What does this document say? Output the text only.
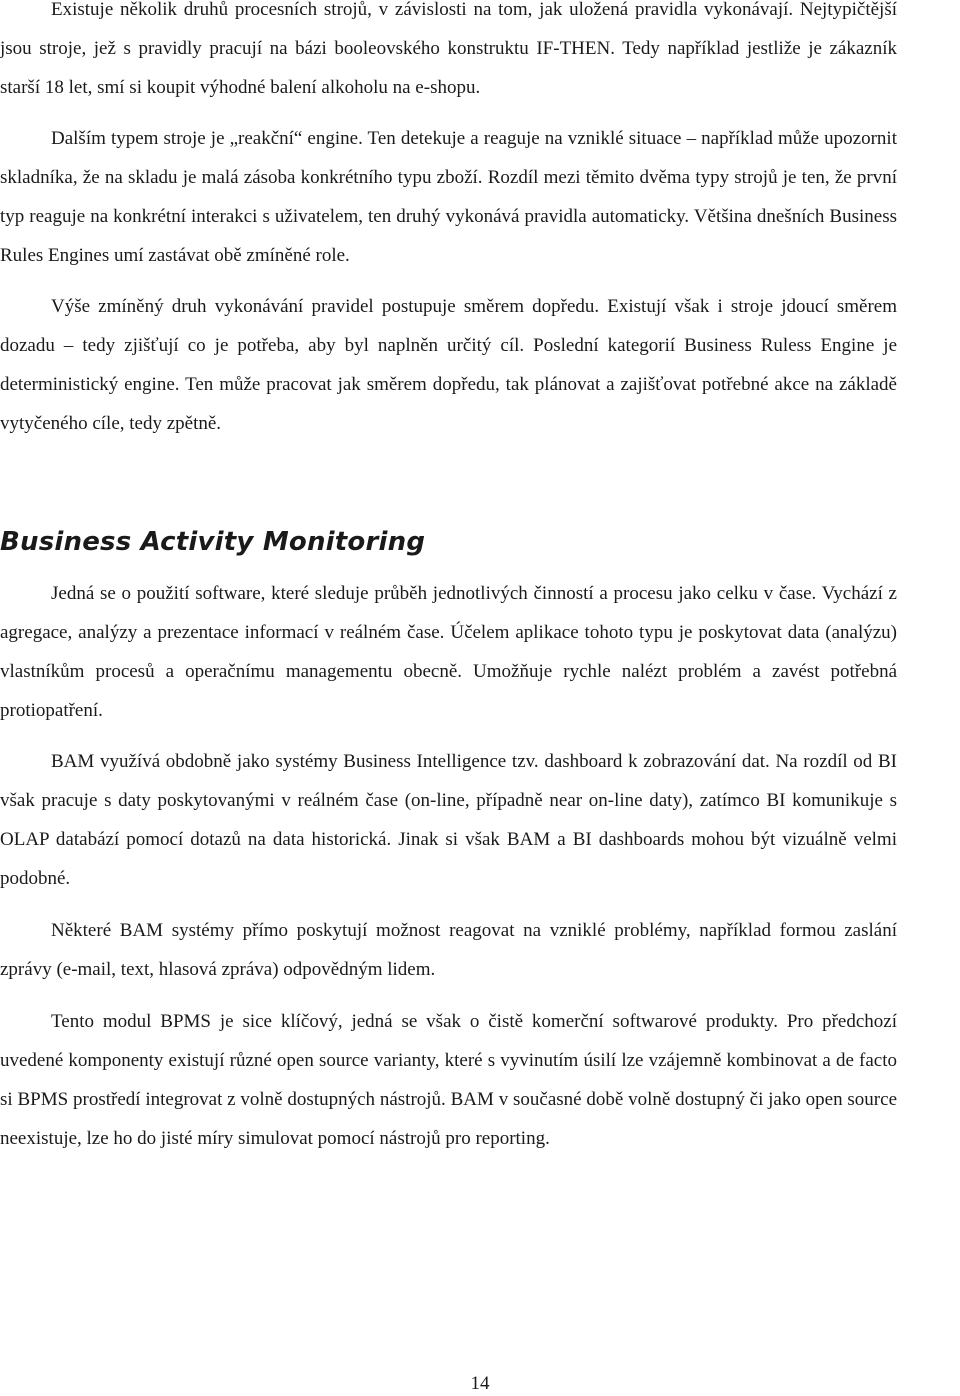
Existuje několik druhů procesních strojů, v závislosti na tom, jak uložená pravidla vykonávají. Nejtypičtější jsou stroje, jež s pravidly pracují na bázi booleovského konstruktu IF-THEN. Tedy například jestliže je zákazník starší 18 let, smí si koupit výhodné balení alkoholu na e-shopu.

Dalším typem stroje je „reakční“ engine. Ten detekuje a reaguje na vzniklé situace – například může upozornit skladníka, že na skladu je malá zásoba konkrétního typu zboží. Rozdíl mezi těmito dvěma typy strojů je ten, že první typ reaguje na konkrétní interakci s uživatelem, ten druhý vykonává pravidla automaticky. Většina dnešních Business Rules Engines umí zastávat obě zmíněné role.

Výše zmíněný druh vykonávání pravidel postupuje směrem dopředu. Existují však i stroje jdoucí směrem dozadu – tedy zjišťují co je potřeba, aby byl naplněn určitý cíl. Poslední kategorií Business Ruless Engine je deterministický engine. Ten může pracovat jak směrem dopředu, tak plánovat a zajišťovat potřebné akce na základě vytyčeného cíle, tedy zpětně.

Business Activity Monitoring

Jedná se o použití software, které sleduje průběh jednotlivých činností a procesu jako celku v čase. Vychází z agregace, analýzy a prezentace informací v reálném čase. Účelem aplikace tohoto typu je poskytovat data (analýzu) vlastníkům procesů a operačnímu managementu obecně. Umožňuje rychle nalézt problém a zavést potřebná protiopatření.

BAM využívá obdobně jako systémy Business Intelligence tzv. dashboard k zobrazování dat. Na rozdíl od BI však pracuje s daty poskytovanými v reálném čase (on-line, případně near on-line daty), zatímco BI komunikuje s OLAP databází pomocí dotazů na data historická. Jinak si však BAM a BI dashboards mohou být vizuálně velmi podobné.

Některé BAM systémy přímo poskytují možnost reagovat na vzniklé problémy, například formou zaslání zprávy (e-mail, text, hlasová zpráva) odpovědným lidem.

Tento modul BPMS je sice klíčový, jedná se však o čistě komerční softwarové produkty. Pro předchozí uvedené komponenty existují různé open source varianty, které s vyvinutím úsilí lze vzájemně kombinovat a de facto si BPMS prostředí integrovat z volně dostupných nástrojů. BAM v současné době volně dostupný či jako open source neexistuje, lze ho do jisté míry simulovat pomocí nástrojů pro reporting.

14
